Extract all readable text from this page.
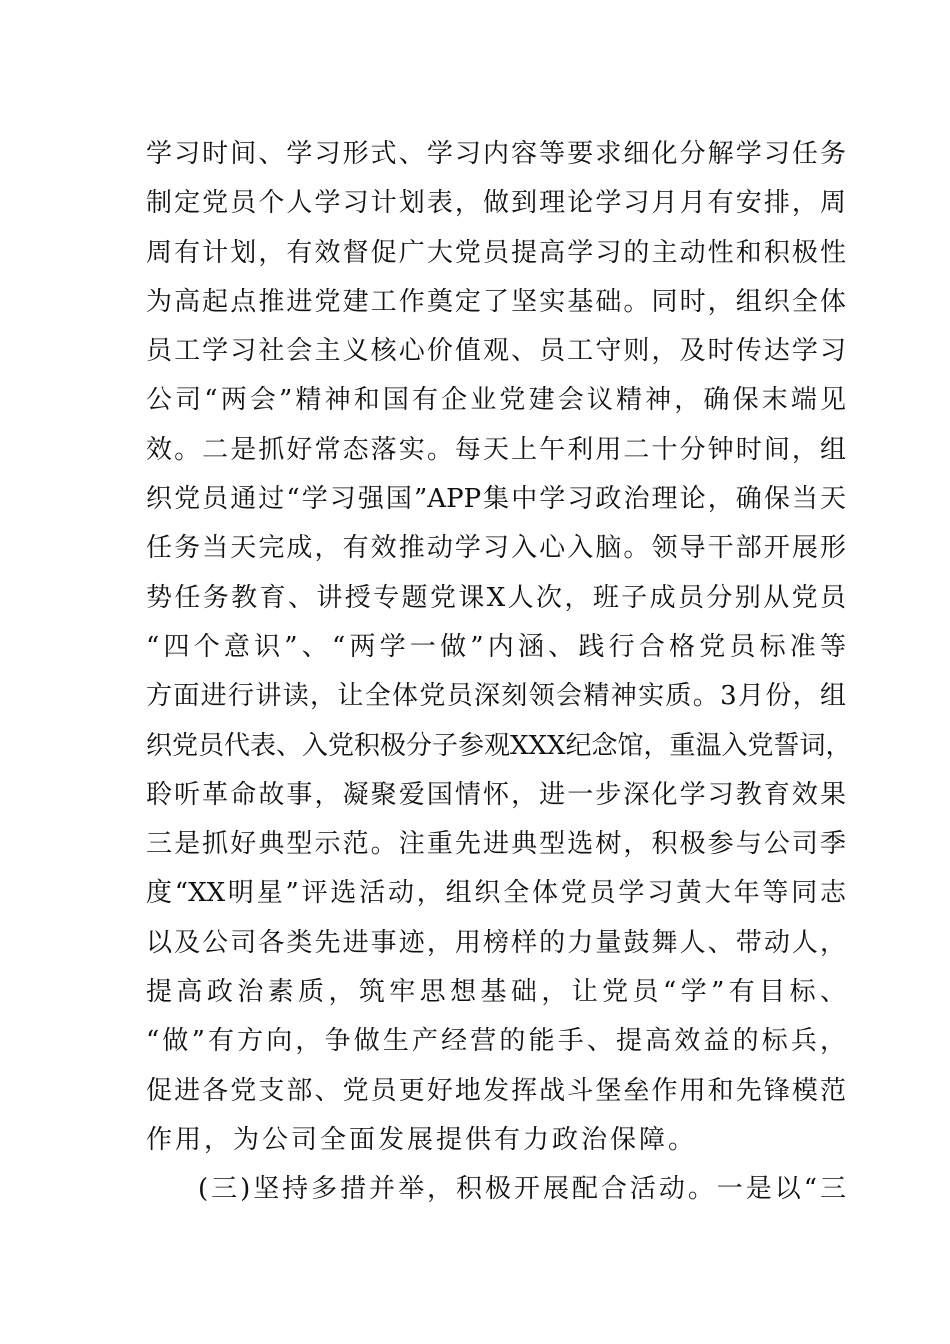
学习时间、学习形式、学习内容等要求细化分解学习任务
制定党员个人学习计划表，做到理论学习月月有安排，周
周有计划，有效督促广大党员提高学习的主动性和积极性
为高起点推进党建工作奠定了坚实基础。同时，组织全体
员工学习社会主义核心价值观、员工守则，及时传达学习
公司“两会”精神和国有企业党建会议精神，确保末端见
效。二是抓好常态落实。每天上午利用二十分钟时间，组
织党员通过“学习强国”APP集中学习政治理论，确保当天
任务当天完成，有效推动学习入心入脑。领导干部开展形
势任务教育、讲授专题党课X人次，班子成员分别从党员
“四个意识”、“两学一做”内涵、践行合格党员标准等
方面进行讲读，让全体党员深刻领会精神实质。3月份，组
织党员代表、入党积极分子参观XXX纪念馆，重温入党誓词，
聆听革命故事，凝聚爱国情怀，进一步深化学习教育效果
三是抓好典型示范。注重先进典型选树，积极参与公司季
度“XX明星”评选活动，组织全体党员学习黄大年等同志
以及公司各类先进事迹，用榜样的力量鼓舞人、带动人，
提高政治素质，筑牢思想基础，让党员“学”有目标、
“做”有方向，争做生产经营的能手、提高效益的标兵，
促进各党支部、党员更好地发挥战斗堡垒作用和先锋模范
作用，为公司全面发展提供有力政治保障。
(三)坚持多措并举，积极开展配合活动。一是以“三
